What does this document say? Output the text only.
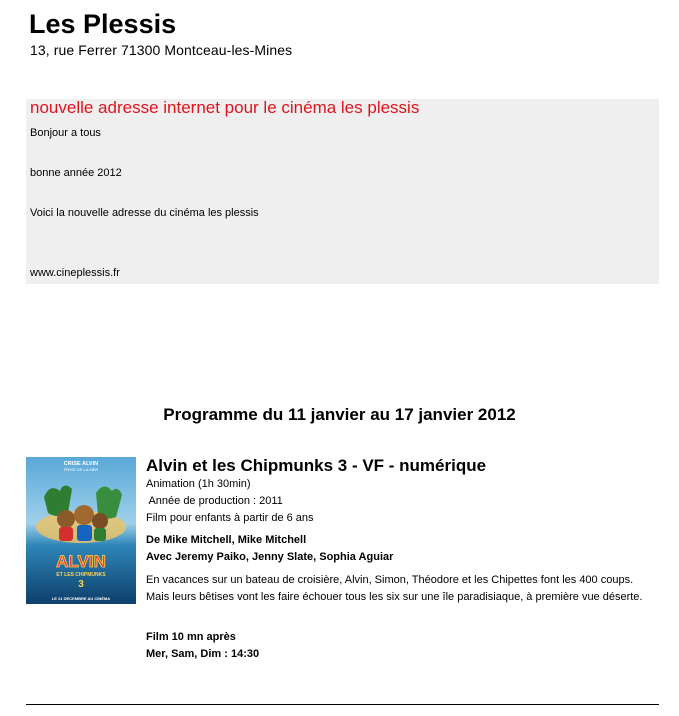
Les Plessis
13, rue Ferrer 71300 Montceau-les-Mines
nouvelle adresse internet pour le cinéma les plessis
Bonjour a tous
bonne année 2012
Voici la nouvelle adresse du cinéma les plessis
www.cineplessis.fr
Programme du 11 janvier au 17 janvier 2012
CRISE ALVIN
PRISE DE LA MER
ALVIN
ET LES CHIPMUNKS
3
LE 21 DÉCEMBRE AU CINÉMA
Alvin et les Chipmunks 3 - VF - numérique
Animation (1h 30min)
Année de production : 2011
Film pour enfants à partir de 6 ans
De Mike Mitchell, Mike Mitchell
Avec Jeremy Paiko, Jenny Slate, Sophia Aguiar
En vacances sur un bateau de croisière, Alvin, Simon, Théodore et les Chipettes font les 400 coups. Mais leurs bêtises vont les faire échouer tous les six sur une île paradisiaque, à première vue déserte.
Film 10 mn après
Mer, Sam, Dim : 14:30
